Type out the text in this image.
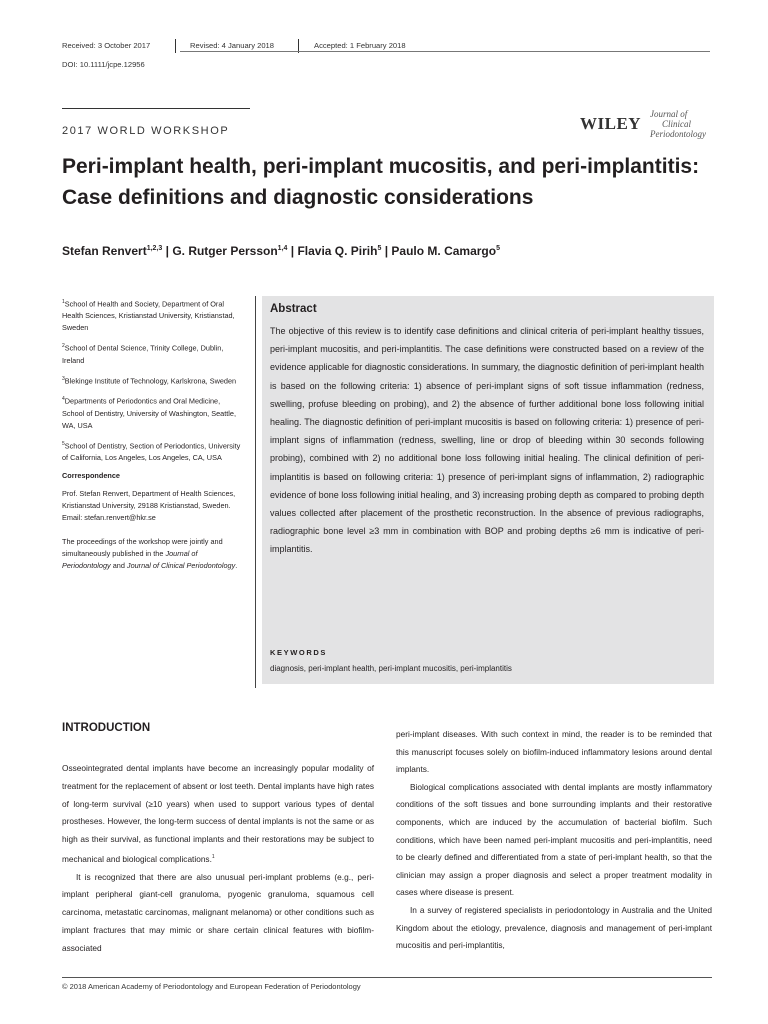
Received: 3 October 2017	Revised: 4 January 2018	Accepted: 1 February 2018
DOI: 10.1111/jcpe.12956
2017 WORLD WORKSHOP	WILEY Journal of
Clinical
Periodontology
Peri-implant health, peri-implant mucositis, and peri-implantitis: Case definitions and diagnostic considerations
Stefan Renvert$^{1,2,3}$ | G. Rutger Persson$^{1,4}$ | Flavia Q. Pirih$^5$ | Paulo M. Camargo$^5$

$^1$School of Health and Society, Department of Oral Health Sciences, Kristianstad University, Kristianstad, Sweden

$^2$School of Dental Science, Trinity College, Dublin, Ireland

$^3$Blekinge Institute of Technology, Karlskrona, Sweden

$^4$Departments of Periodontics and Oral Medicine, School of Dentistry, University of Washington, Seattle, WA, USA

$^5$School of Dentistry, Section of Periodontics, University of California, Los Angeles, Los Angeles, CA, USA

Correspondence

Prof. Stefan Renvert, Department of Health Sciences, Kristianstad University, 29188 Kristianstad, Sweden.

Email: stefan.renvert@hkr.se

The proceedings of the workshop were jointly and simultaneously published in the Journal of Periodontology and Journal of Clinical Periodontology.

Abstract
The objective of this review is to identify case definitions and clinical criteria of peri-implant healthy tissues, peri-implant mucositis, and peri-implantitis. The case definitions were constructed based on a review of the evidence applicable for diagnostic considerations. In summary, the diagnostic definition of peri-implant health is based on the following criteria: 1) absence of peri-implant signs of soft tissue inflammation (redness, swelling, profuse bleeding on probing), and 2) the absence of further additional bone loss following initial healing. The diagnostic definition of peri-implant mucositis is based on following criteria: 1) presence of peri-implant signs of inflammation (redness, swelling, line or drop of bleeding within 30 seconds following probing), combined with 2) no additional bone loss following initial healing. The clinical definition of peri-implantitis is based on following criteria: 1) presence of peri-implant signs of inflammation, 2) radiographic evidence of bone loss following initial healing, and 3) increasing probing depth as compared to probing depth values collected after placement of the prosthetic reconstruction. In the absence of previous radiographs, radiographic bone level ≥3 mm in combination with BOP and probing depths ≥6 mm is indicative of peri-implantitis.
KEYWORDS
diagnosis, peri-implant health, peri-implant mucositis, peri-implantitis
INTRODUCTION

Osseointegrated dental implants have become an increasingly popular modality of treatment for the replacement of absent or lost teeth. Dental implants have high rates of long-term survival (≥10 years) when used to support various types of dental prostheses. However, the long-term success of dental implants is not the same or as high as their survival, as functional implants and their restorations may be subject to mechanical and biological complications.$^1$

It is recognized that there are also unusual peri-implant problems (e.g., peri-implant peripheral giant-cell granuloma, pyogenic granuloma, squamous cell carcinoma, metastatic carcinomas, malignant melanoma) or other conditions such as implant fractures that may mimic or share certain clinical features with biofilm-associated

peri-implant diseases. With such context in mind, the reader is to be reminded that this manuscript focuses solely on biofilm-induced inflammatory lesions around dental implants.

Biological complications associated with dental implants are mostly inflammatory conditions of the soft tissues and bone surrounding implants and their restorative components, which are induced by the accumulation of bacterial biofilm. Such conditions, which have been named peri-implant mucositis and peri-implantitis, need to be clearly defined and differentiated from a state of peri-implant health, so that the clinician may assign a proper diagnosis and select a proper treatment modality in cases where disease is present.

In a survey of registered specialists in periodontology in Australia and the United Kingdom about the etiology, prevalence, diagnosis and management of peri-implant mucositis and peri-implantitis,

© 2018 American Academy of Periodontology and European Federation of Periodontology
